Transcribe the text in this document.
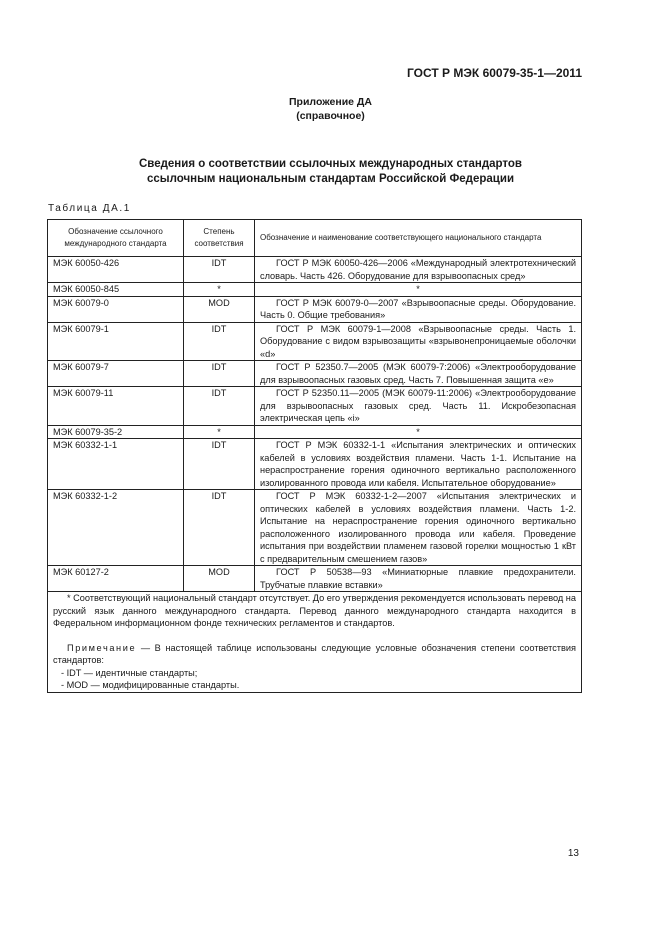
ГОСТ Р МЭК 60079-35-1—2011
Приложение ДА
(справочное)
Сведения о соответствии ссылочных международных стандартов
ссылочным национальным стандартам Российской Федерации
Таблица ДА.1
Обозначение ссылочного международного стандарта	Степень соответствия	Обозначение и наименование соответствующего национального стандарта
МЭК 60050-426	IDT	ГОСТ Р МЭК 60050-426—2006 «Международный электротехнический словарь. Часть 426. Оборудование для взрывоопасных сред»
МЭК 60050-845	*	*
МЭК 60079-0	MOD	ГОСТ Р МЭК 60079-0—2007 «Взрывоопасные среды. Оборудование. Часть 0. Общие требования»
МЭК 60079-1	IDT	ГОСТ Р МЭК 60079-1—2008 «Взрывоопасные среды. Часть 1. Оборудование с видом взрывозащиты «взрывонепроницаемые оболочки «d»
МЭК 60079-7	IDT	ГОСТ Р 52350.7—2005 (МЭК 60079-7:2006) «Электрооборудование для взрывоопасных газовых сред. Часть 7. Повышенная защита «е»
МЭК 60079-11	IDT	ГОСТ Р 52350.11—2005 (МЭК 60079-11:2006) «Электрооборудование для взрывоопасных газовых сред. Часть 11. Искробезопасная электрическая цепь «i»
МЭК 60079-35-2	*	*
МЭК 60332-1-1	IDT	ГОСТ Р МЭК 60332-1-1 «Испытания электрических и оптических кабелей в условиях воздействия пламени. Часть 1-1. Испытание на нераспространение горения одиночного вертикально расположенного изолированного провода или кабеля. Испытательное оборудование»
МЭК 60332-1-2	IDT	ГОСТ Р МЭК 60332-1-2—2007 «Испытания электрических и оптических кабелей в условиях воздействия пламени. Часть 1-2. Испытание на нераспространение горения одиночного вертикально расположенного изолированного провода или кабеля. Проведение испытания при воздействии пламенем газовой горелки мощностью 1 кВт с предварительным смешением газов»
МЭК 60127-2	MOD	ГОСТ Р 50538—93 «Миниатюрные плавкие предохранители. Трубчатые плавкие вставки»

* Соответствующий национальный стандарт отсутствует. До его утверждения рекомендуется использовать перевод на русский язык данного международного стандарта. Перевод данного международного стандарта находится в Федеральном информационном фонде технических регламентов и стандартов.

Примечание — В настоящей таблице использованы следующие условные обозначения степени соответствия стандартов:

- IDT — идентичные стандарты;

- MOD — модифицированные стандарты.		

13
